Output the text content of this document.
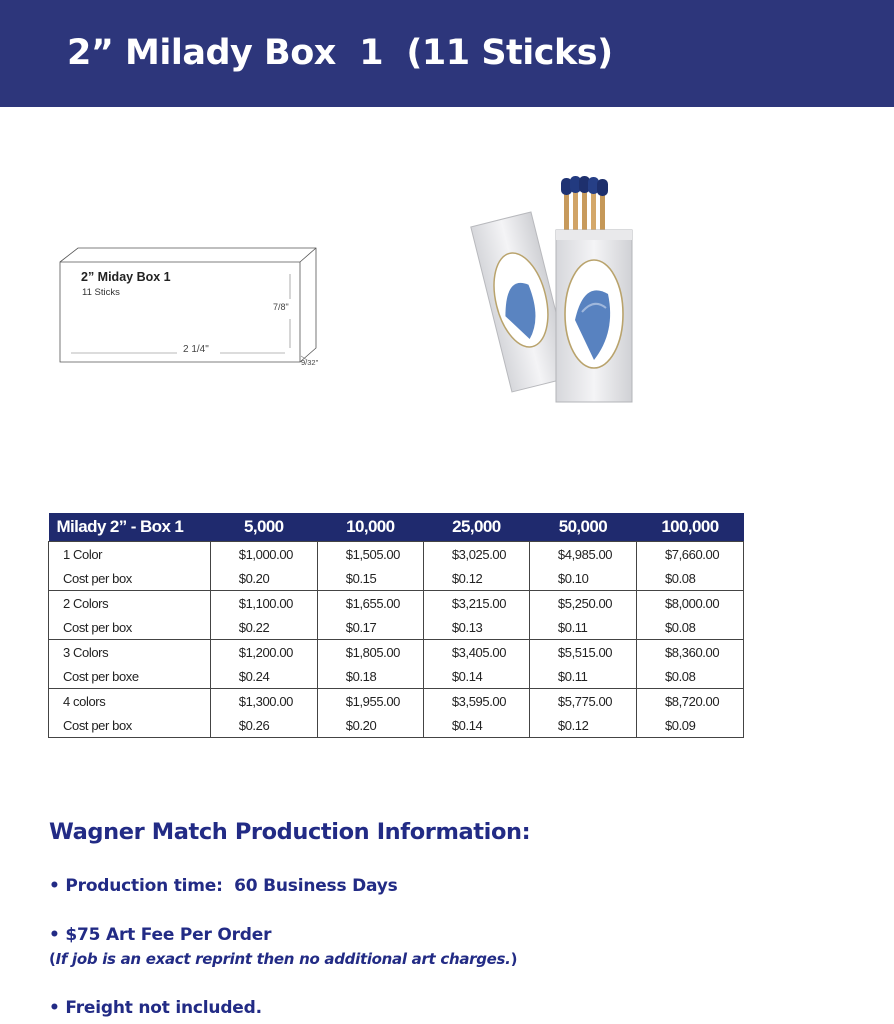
2” Milady Box  1  (11 Sticks)
2” Miday Box 1
11 Sticks
7/8"
2 1/4"
9/32"
Milady 2” - Box 1	5,000	10,000	25,000	50,000	100,000
1 Color	$1,000.00	$1,505.00	$3,025.00	$4,985.00	$7,660.00
Cost per box	$0.20	$0.15	$0.12	$0.10	$0.08
2 Colors	$1,100.00	$1,655.00	$3,215.00	$5,250.00	$8,000.00
Cost per box	$0.22	$0.17	$0.13	$0.11	$0.08
3 Colors	$1,200.00	$1,805.00	$3,405.00	$5,515.00	$8,360.00
Cost per boxe	$0.24	$0.18	$0.14	$0.11	$0.08
4 colors	$1,300.00	$1,955.00	$3,595.00	$5,775.00	$8,720.00
Cost per box	$0.26	$0.20	$0.14	$0.12	$0.09
Wagner Match Production Information:
• Production time:  60 Business Days
• $75 Art Fee Per Order
(If job is an exact reprint then no additional art charges.)
• Freight not included.
